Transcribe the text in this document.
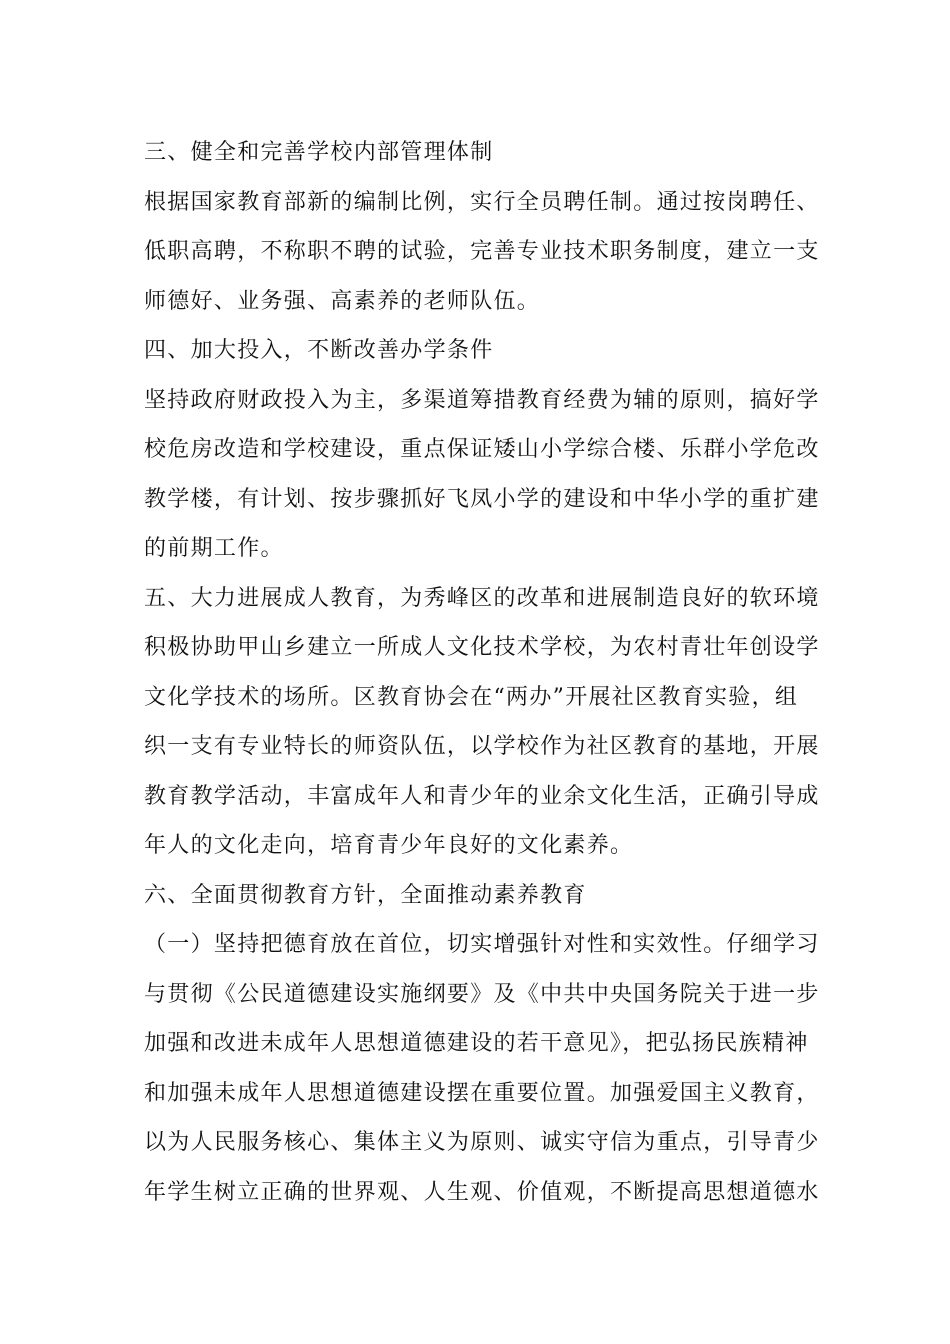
三、健全和完善学校内部管理体制
根据国家教育部新的编制比例，实行全员聘任制。通过按岗聘任、
低职高聘，不称职不聘的试验，完善专业技术职务制度，建立一支
师德好、业务强、高素养的老师队伍。
四、加大投入，不断改善办学条件
坚持政府财政投入为主，多渠道筹措教育经费为辅的原则，搞好学
校危房改造和学校建设，重点保证矮山小学综合楼、乐群小学危改
教学楼，有计划、按步骤抓好飞凤小学的建设和中华小学的重扩建
的前期工作。
五、大力进展成人教育，为秀峰区的改革和进展制造良好的软环境
积极协助甲山乡建立一所成人文化技术学校，为农村青壮年创设学
文化学技术的场所。区教育协会在“两办”开展社区教育实验，组
织一支有专业特长的师资队伍，以学校作为社区教育的基地，开展
教育教学活动，丰富成年人和青少年的业余文化生活，正确引导成
年人的文化走向，培育青少年良好的文化素养。
六、全面贯彻教育方针，全面推动素养教育
（一）坚持把德育放在首位，切实增强针对性和实效性。仔细学习
与贯彻《公民道德建设实施纲要》及《中共中央国务院关于进一步
加强和改进未成年人思想道德建设的若干意见》，把弘扬民族精神
和加强未成年人思想道德建设摆在重要位置。加强爱国主义教育，
以为人民服务核心、集体主义为原则、诚实守信为重点，引导青少
年学生树立正确的世界观、人生观、价值观，不断提高思想道德水
